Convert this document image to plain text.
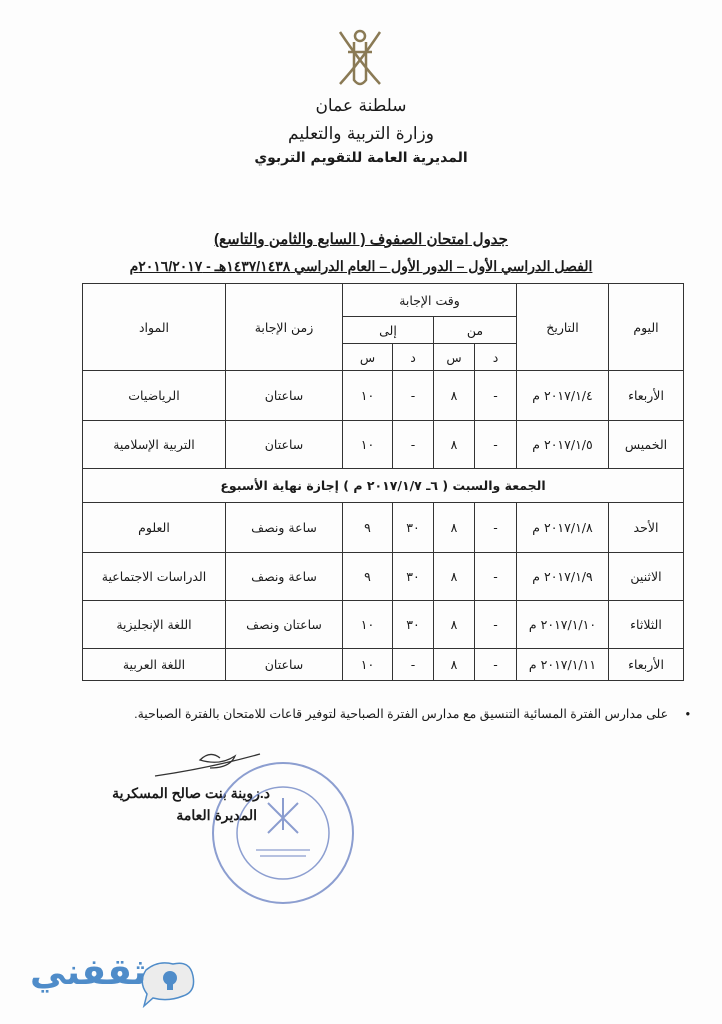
سلطنة عمان
وزارة التربية والتعليم
المديرية العامة للتقويم التربوي
جدول امتحان الصفوف ( السابع والثامن والتاسع)
الفصل الدراسي الأول – الدور الأول – العام الدراسي ١٤٣٧/١٤٣٨هـ - ٢٠١٦/٢٠١٧م
اليوم	التاريخ	وقت الإجابة				زمن الإجابة	المواد
		من		إلى			
		د	س	د	س		
الأربعاء	٢٠١٧/١/٤ م	-	٨	-	١٠	ساعتان	الرياضيات
الخميس	٢٠١٧/١/٥ م	-	٨	-	١٠	ساعتان	التربية الإسلامية
الجمعة والسبت ( ٦ـ ٢٠١٧/١/٧ م ) إجازة نهاية الأسبوع							
الأحد	٢٠١٧/١/٨ م	-	٨	٣٠	٩	ساعة ونصف	العلوم
الاثنين	٢٠١٧/١/٩ م	-	٨	٣٠	٩	ساعة ونصف	الدراسات الاجتماعية
الثلاثاء	٢٠١٧/١/١٠ م	-	٨	٣٠	١٠	ساعتان ونصف	اللغة الإنجليزية
الأربعاء	٢٠١٧/١/١١ م	-	٨	-	١٠	ساعتان	اللغة العربية
• على مدارس الفترة المسائية التنسيق مع مدارس الفترة الصباحية لتوفير قاعات للامتحان بالفترة الصباحية.
د.زوينة بنت صالح المسكرية
المديرة العامة
ثقفني
